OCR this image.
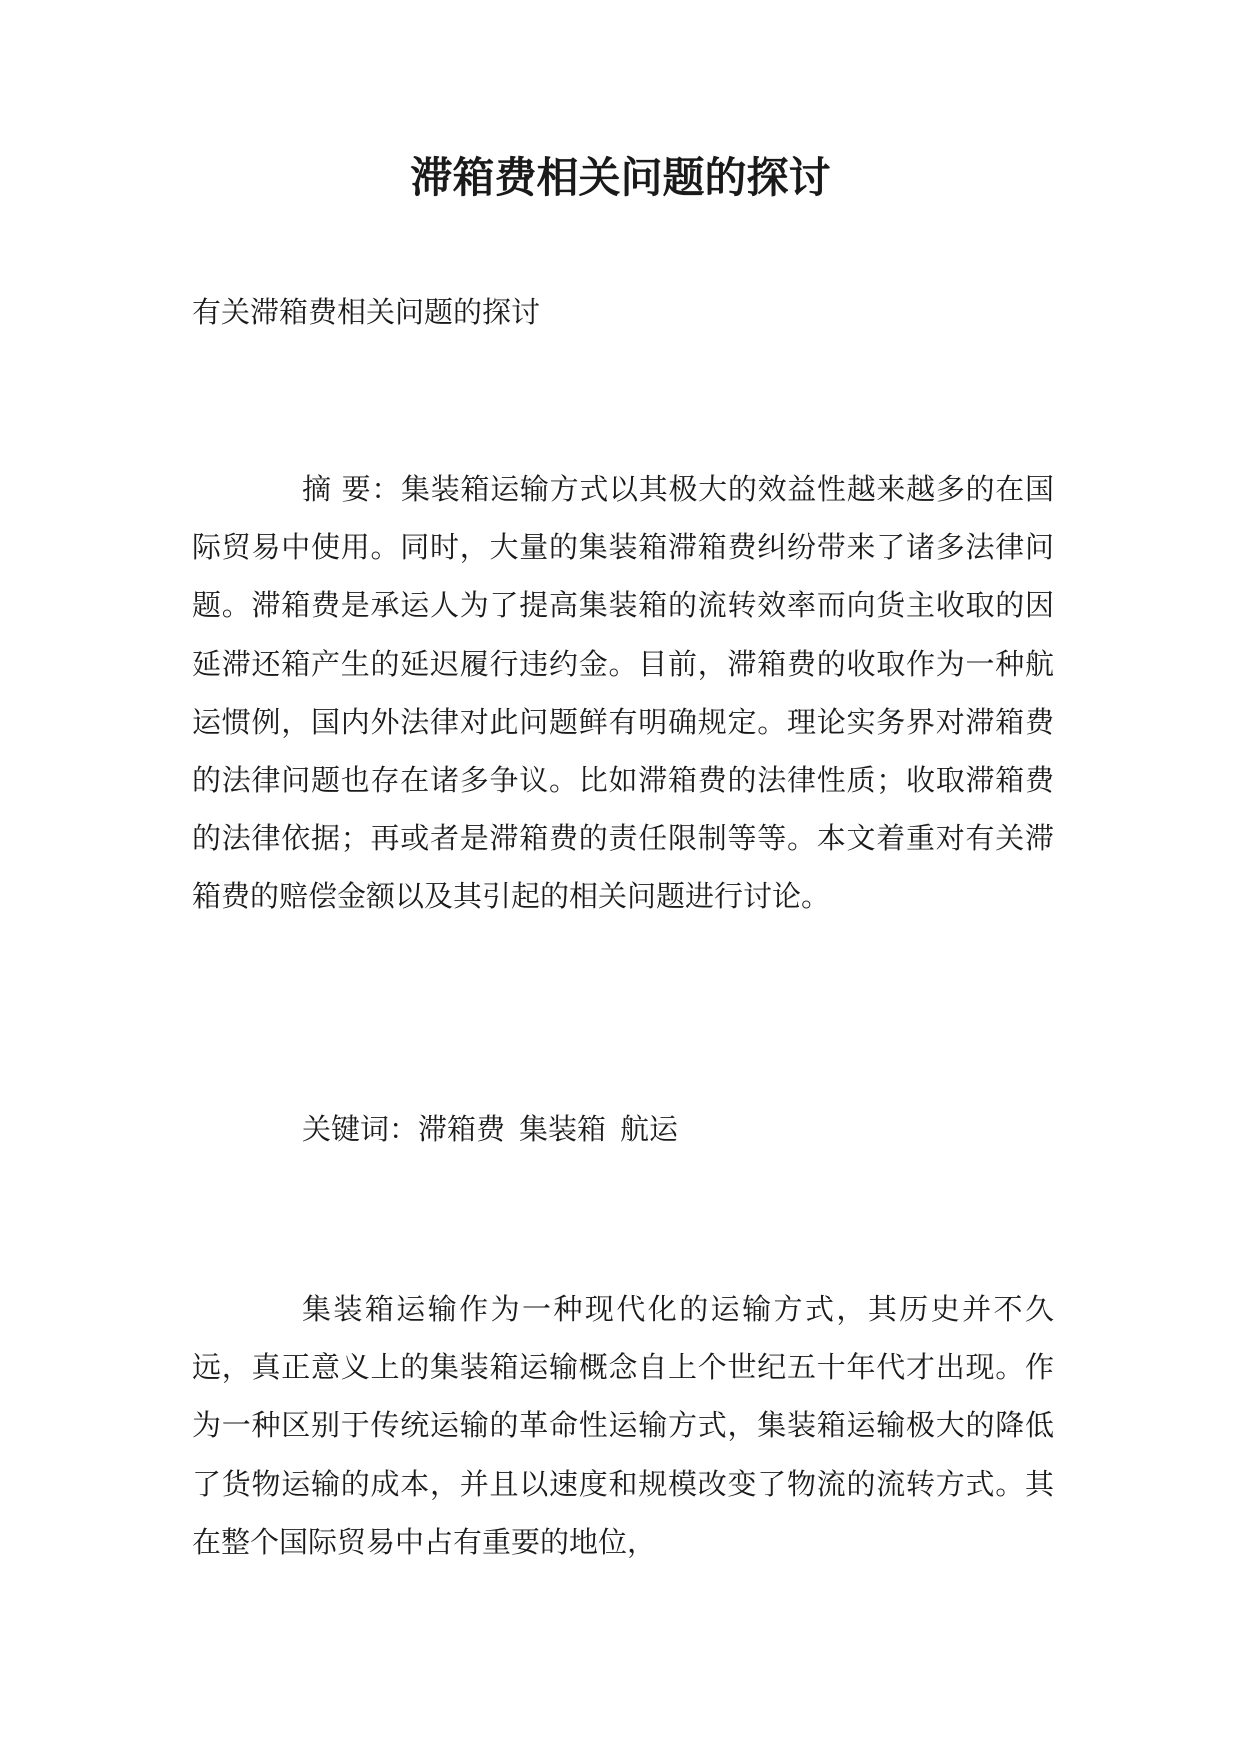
滞箱费相关问题的探讨

有关滞箱费相关问题的探讨

摘 要：集装箱运输方式以其极大的效益性越来越多的在国际贸易中使用。同时，大量的集装箱滞箱费纠纷带来了诸多法律问题。滞箱费是承运人为了提高集装箱的流转效率而向货主收取的因延滞还箱产生的延迟履行违约金。目前，滞箱费的收取作为一种航运惯例，国内外法律对此问题鲜有明确规定。理论实务界对滞箱费的法律问题也存在诸多争议。比如滞箱费的法律性质；收取滞箱费的法律依据；再或者是滞箱费的责任限制等等。本文着重对有关滞箱费的赔偿金额以及其引起的相关问题进行讨论。

关键词：滞箱费 集装箱 航运

集装箱运输作为一种现代化的运输方式，其历史并不久远，真正意义上的集装箱运输概念自上个世纪五十年代才出现。作为一种区别于传统运输的革命性运输方式，集装箱运输极大的降低了货物运输的成本，并且以速度和规模改变了物流的流转方式。其在整个国际贸易中占有重要的地位，
